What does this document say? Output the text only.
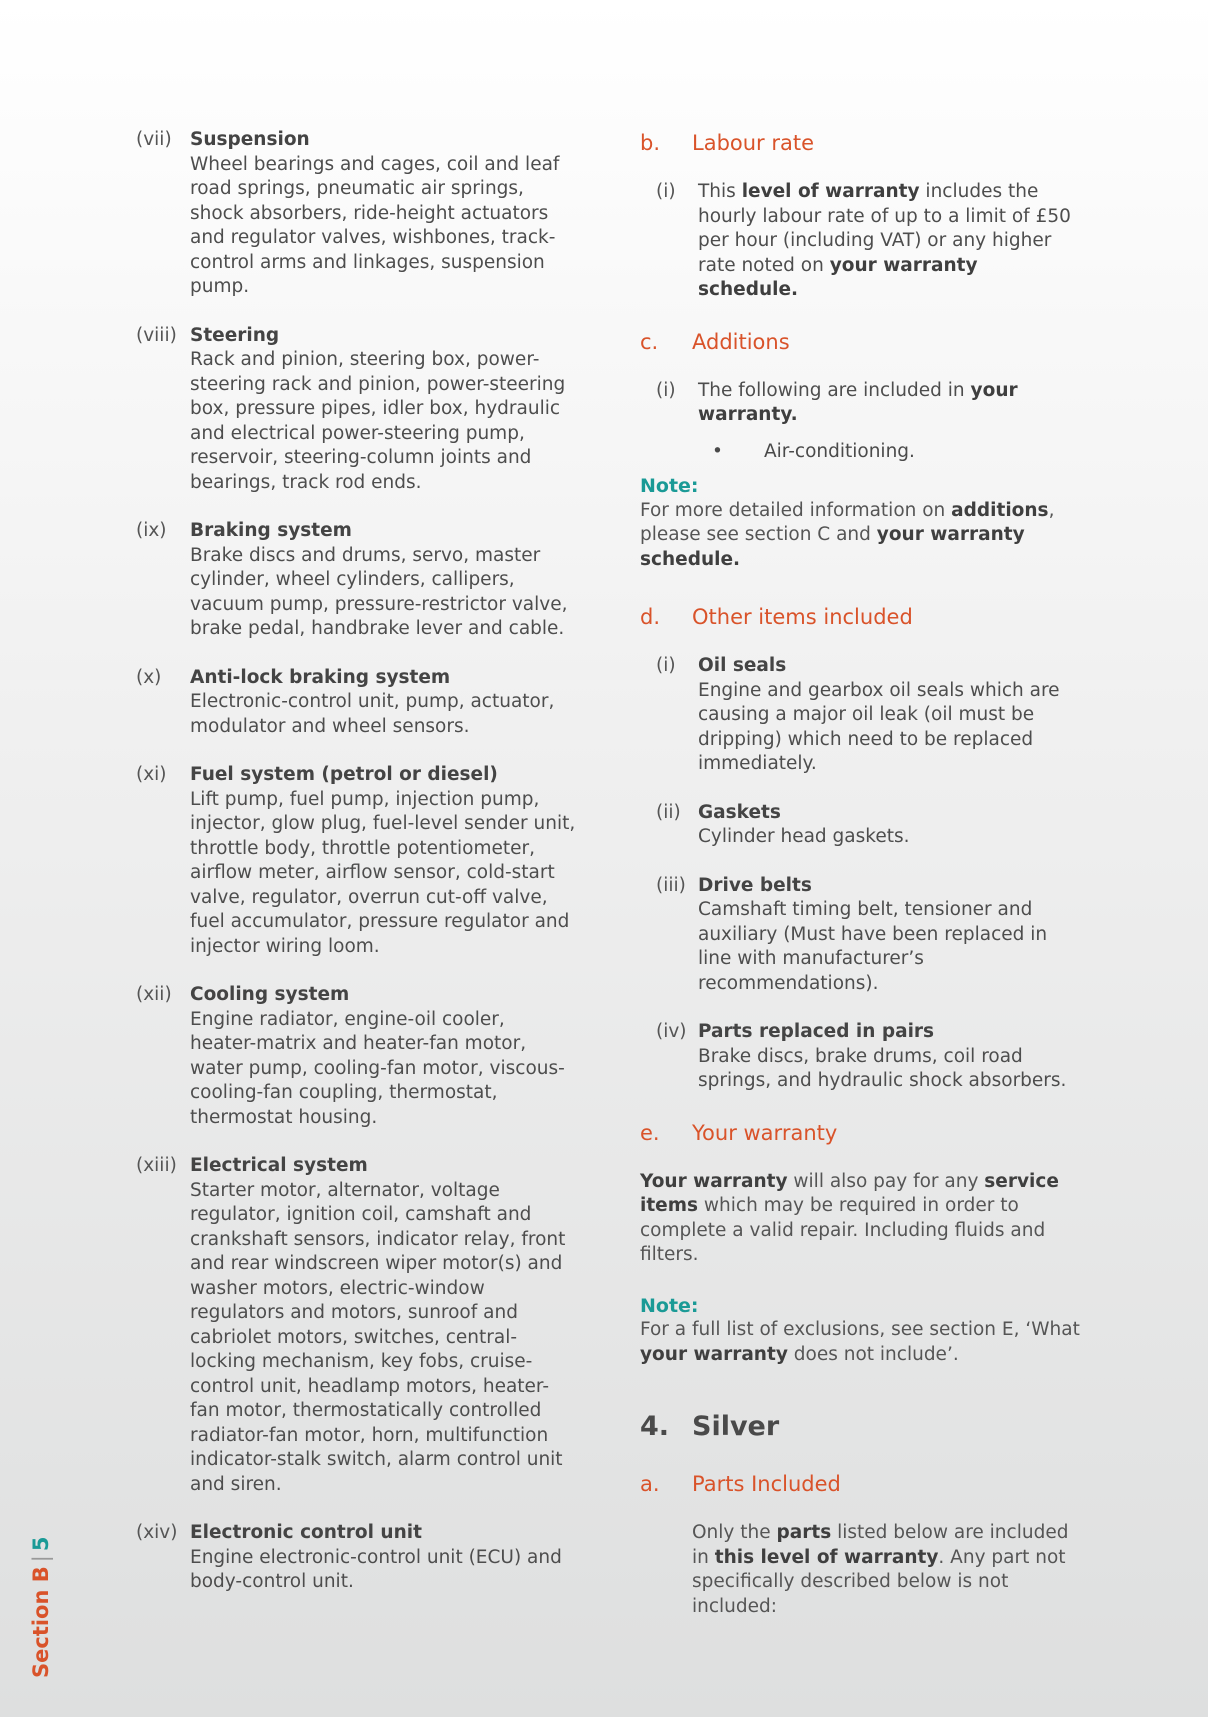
(vii) Suspension
Wheel bearings and cages, coil and leaf road springs, pneumatic air springs, shock absorbers, ride-height actuators and regulator valves, wishbones, track-control arms and linkages, suspension pump.
(viii) Steering
Rack and pinion, steering box, power-steering rack and pinion, power-steering box, pressure pipes, idler box, hydraulic and electrical power-steering pump, reservoir, steering-column joints and bearings, track rod ends.
(ix) Braking system
Brake discs and drums, servo, master cylinder, wheel cylinders, callipers, vacuum pump, pressure-restrictor valve, brake pedal, handbrake lever and cable.
(x) Anti-lock braking system
Electronic-control unit, pump, actuator, modulator and wheel sensors.
(xi) Fuel system (petrol or diesel)
Lift pump, fuel pump, injection pump, injector, glow plug, fuel-level sender unit, throttle body, throttle potentiometer, airflow meter, airflow sensor, cold-start valve, regulator, overrun cut-off valve, fuel accumulator, pressure regulator and injector wiring loom.
(xii) Cooling system
Engine radiator, engine-oil cooler, heater-matrix and heater-fan motor, water pump, cooling-fan motor, viscous-cooling-fan coupling, thermostat, thermostat housing.
(xiii) Electrical system
Starter motor, alternator, voltage regulator, ignition coil, camshaft and crankshaft sensors, indicator relay, front and rear windscreen wiper motor(s) and washer motors, electric-window regulators and motors, sunroof and cabriolet motors, switches, central-locking mechanism, key fobs, cruise-control unit, headlamp motors, heater-fan motor, thermostatically controlled radiator-fan motor, horn, multifunction indicator-stalk switch, alarm control unit and siren.
(xiv) Electronic control unit
Engine electronic-control unit (ECU) and body-control unit.
b. Labour rate
(i) This level of warranty includes the hourly labour rate of up to a limit of £50 per hour (including VAT) or any higher rate noted on your warranty schedule.
c. Additions
(i) The following are included in your warranty.
• Air-conditioning.
Note:
For more detailed information on additions, please see section C and your warranty schedule.
d. Other items included
(i) Oil seals
Engine and gearbox oil seals which are causing a major oil leak (oil must be dripping) which need to be replaced immediately.
(ii) Gaskets
Cylinder head gaskets.
(iii) Drive belts
Camshaft timing belt, tensioner and auxiliary (Must have been replaced in line with manufacturer’s recommendations).
(iv) Parts replaced in pairs
Brake discs, brake drums, coil road springs, and hydraulic shock absorbers.
e. Your warranty
Your warranty will also pay for any service items which may be required in order to complete a valid repair. Including fluids and filters.
Note:
For a full list of exclusions, see section E, ‘What your warranty does not include’.
4. Silver
a. Parts Included
Only the parts listed below are included in this level of warranty. Any part not specifically described below is not included:
Section B|5
